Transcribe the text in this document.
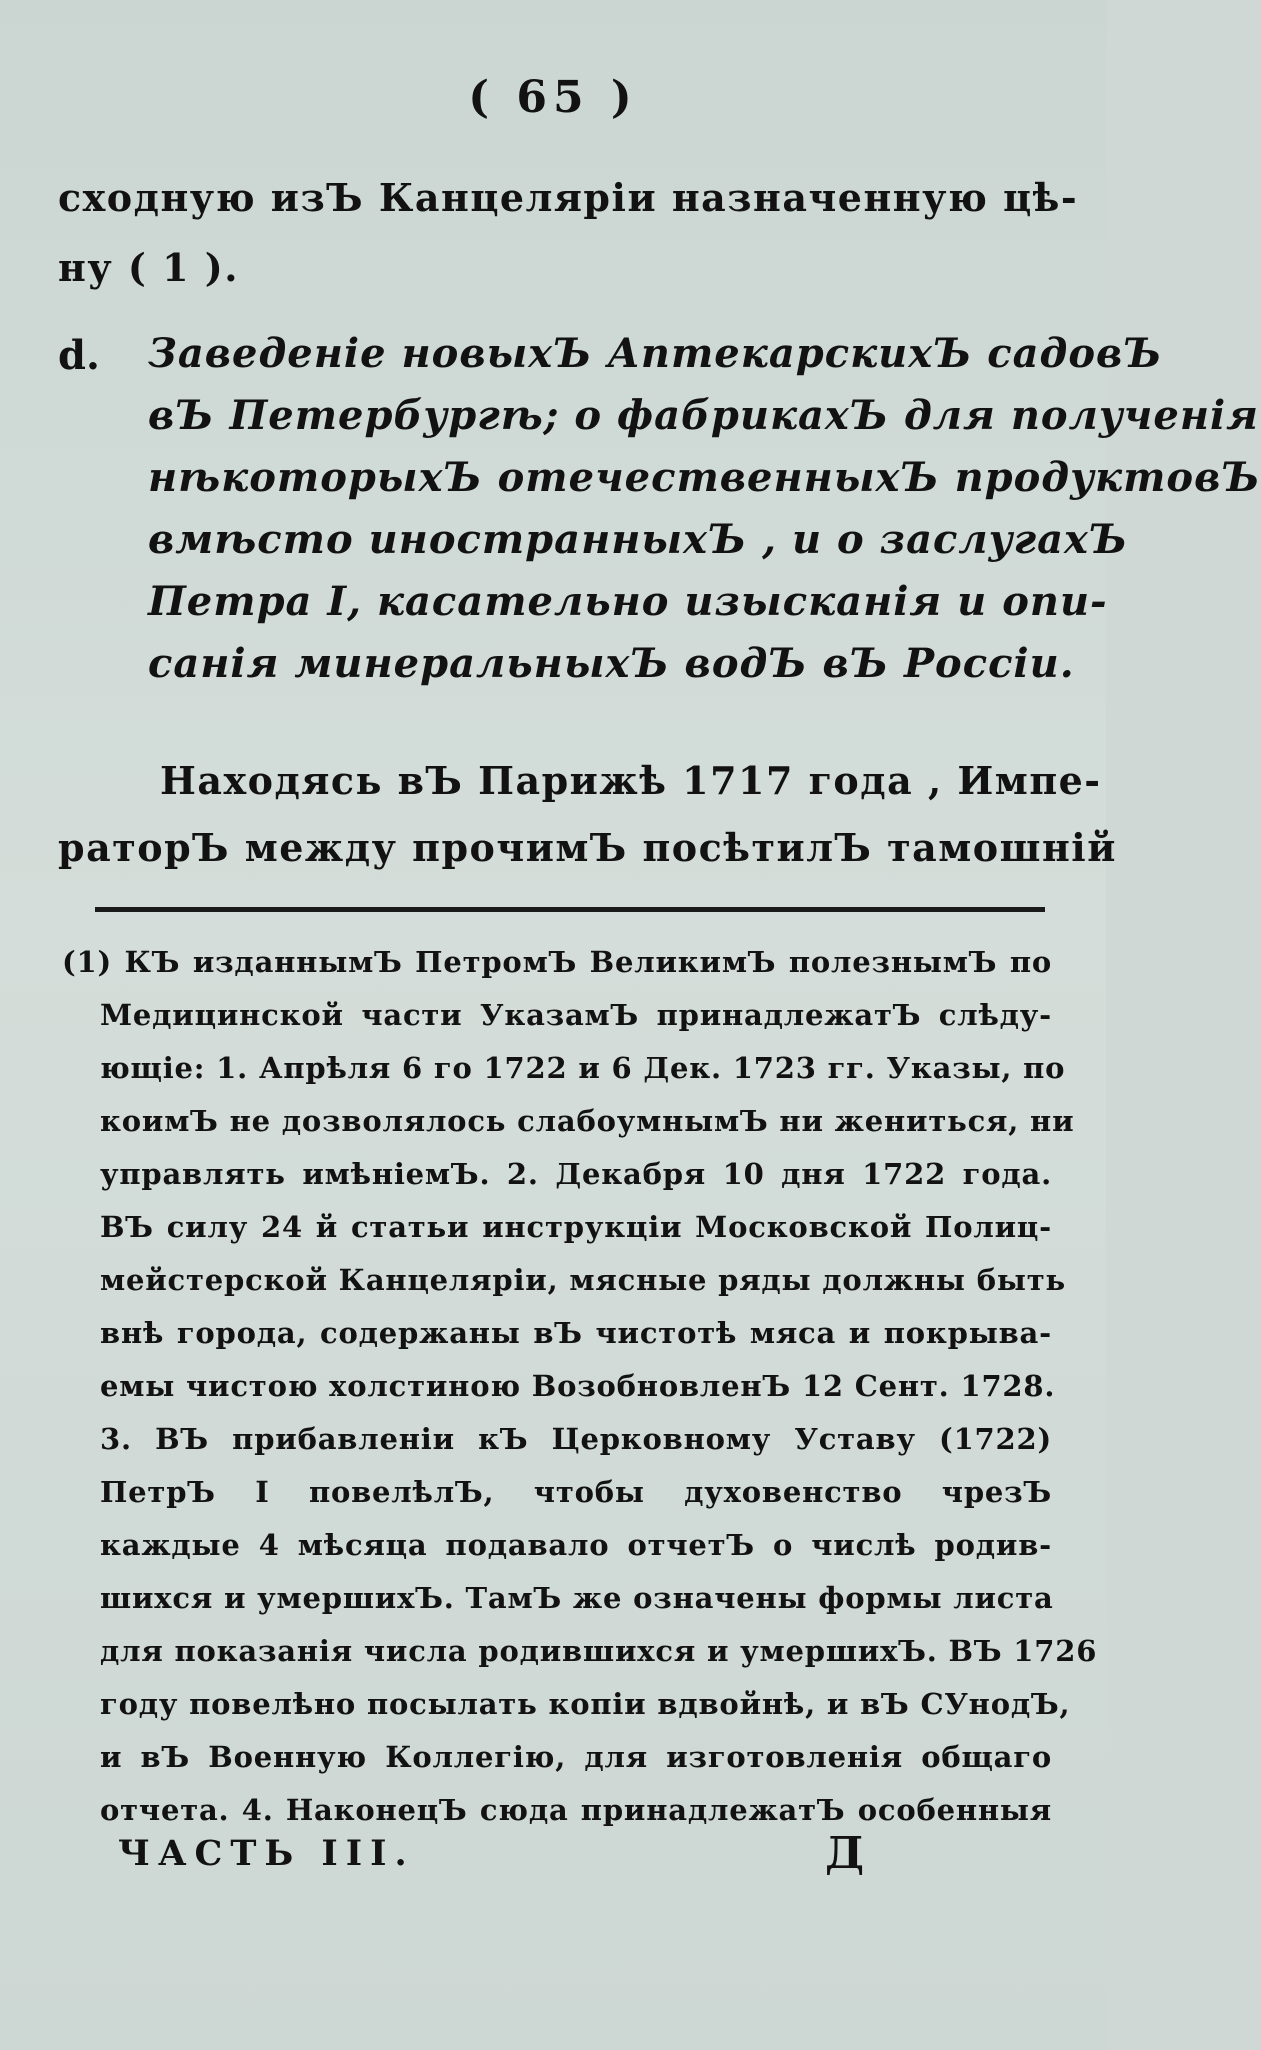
( 65 )
сходную изЪ Канцеляріи назначенную цѣ-
ну ( 1 ).
d. Заведеніе новыхЪ АптекарскихЪ садовЪ
вЪ Петербургѣ; о фабрикахЪ для полученія
нѣкоторыхЪ отечественныхЪ продуктовЪ
вмѣсто иностранныхЪ , и о заслугахЪ
Петра I, касательно изысканія и опи-
санія минеральныхЪ водЪ вЪ Россіи.
Находясь вЪ Парижѣ 1717 года , Импе-
раторЪ между прочимЪ посѣтилЪ тамошній
(1) КЪ изданнымЪ ПетромЪ ВеликимЪ полезнымЪ по
Медицинской части УказамЪ принадлежатЪ слѣду-
ющіе: 1. Апрѣля 6 го 1722 и 6 Дек. 1723 гг. Указы, по
коимЪ не дозволялось слабоумнымЪ ни жениться, ни
управлять имѣніемЪ. 2. Декабря 10 дня 1722 года.
ВЪ силу 24 й статьи инструкціи Московской Полиц-
мейстерской Канцеляріи, мясные ряды должны быть
внѣ города, содержаны вЪ чистотѣ мяса и покрыва-
емы чистою холстиною ВозобновленЪ 12 Сент. 1728.
3. ВЪ прибавленіи кЪ Церковному Уставу (1722)
ПетрЪ I повелѣлЪ, чтобы духовенство чрезЪ
каждые 4 мѣсяца подавало отчетЪ о числѣ родив-
шихся и умершихЪ. ТамЪ же означены формы листа
для показанія числа родившихся и умершихЪ. ВЪ 1726
году повелѣно посылать копіи вдвойнѣ, и вЪ СУнодЪ,
и вЪ Военную Коллегію, для изготовленія общаго
отчета. 4. НаконецЪ сюда принадлежатЪ особенныя
ЧАСТЬ III.	Д
